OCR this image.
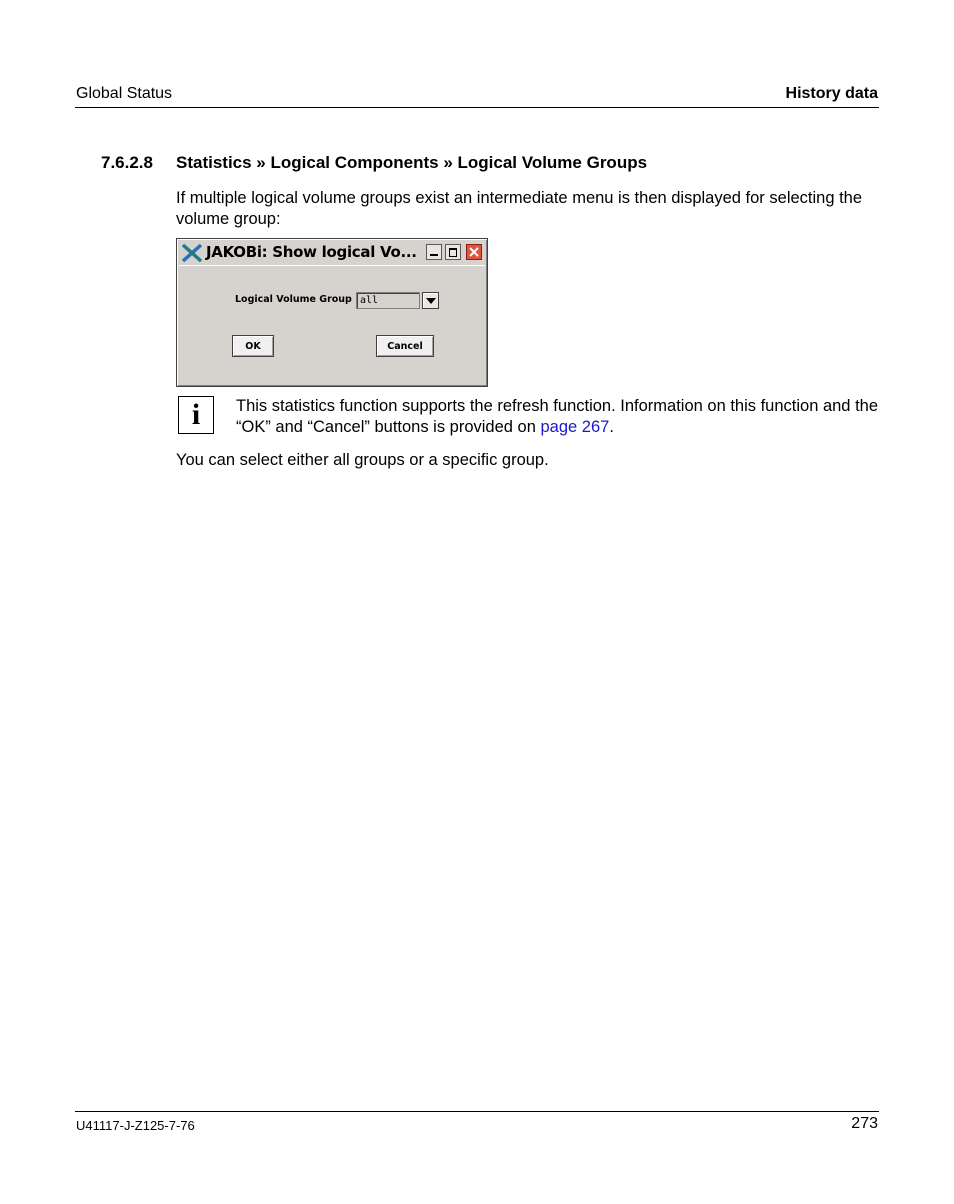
Global Status	History data
7.6.2.8 Statistics » Logical Components » Logical Volume Groups
If multiple logical volume groups exist an intermediate menu is then displayed for selecting the volume group:
JAKOBi: Show logical Vo...
Logical Volume Group all
OK	Cancel
i	This statistics function supports the refresh function. Information on this function and the “OK” and “Cancel” buttons is provided on page 267.
You can select either all groups or a specific group.
U41117-J-Z125-7-76	273
